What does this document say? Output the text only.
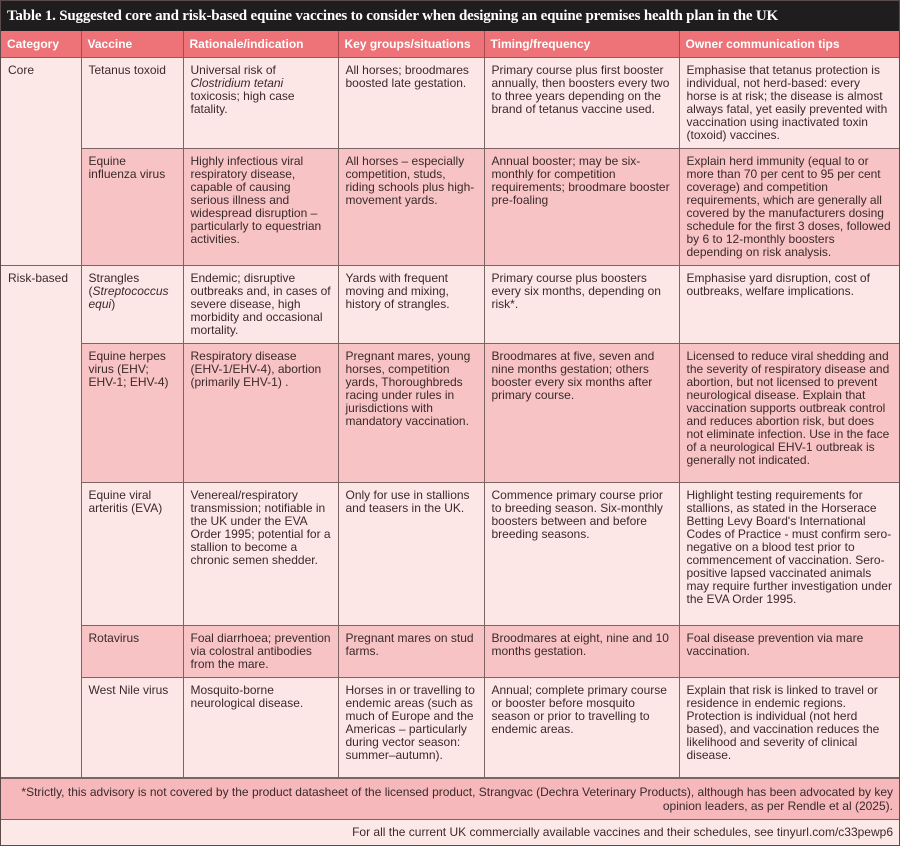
Table 1. Suggested core and risk-based equine vaccines to consider when designing an equine premises health plan in the UK
Category	Vaccine	Rationale/indication	Key groups/situations	Timing/frequency	Owner communication tips
Core	Tetanus toxoid	Universal risk of Clostridium tetani toxicosis; high case fatality.	All horses; broodmares boosted late gestation.	Primary course plus first booster annually, then boosters every two to three years depending on the brand of tetanus vaccine used.	Emphasise that tetanus protection is individual, not herd-based: every horse is at risk; the disease is almost always fatal, yet easily prevented with vaccination using inactivated toxin (toxoid) vaccines.
	Equine influenza virus	Highly infectious viral respiratory disease, capable of causing serious illness and widespread disruption – particularly to equestrian activities.	All horses – especially competition, studs, riding schools plus high-movement yards.	Annual booster; may be six-monthly for competition requirements; broodmare booster pre-foaling	Explain herd immunity (equal to or more than 70 per cent to 95 per cent coverage) and competition requirements, which are generally all covered by the manufacturers dosing schedule for the first 3 doses, followed by 6 to 12-monthly boosters depending on risk analysis.
Risk-based	Strangles (Streptococcus equi)	Endemic; disruptive outbreaks and, in cases of severe disease, high morbidity and occasional mortality.	Yards with frequent moving and mixing, history of strangles.	Primary course plus boosters every six months, depending on risk*.	Emphasise yard disruption, cost of outbreaks, welfare implications.
	Equine herpes virus (EHV; EHV-1; EHV-4)	Respiratory disease (EHV-1/EHV-4), abortion (primarily EHV-1) .	Pregnant mares, young horses, competition yards, Thoroughbreds racing under rules in jurisdictions with mandatory vaccination.	Broodmares at five, seven and nine months gestation; others booster every six months after primary course.	Licensed to reduce viral shedding and the severity of respiratory disease and abortion, but not licensed to prevent neurological disease. Explain that vaccination supports outbreak control and reduces abortion risk, but does not eliminate infection. Use in the face of a neurological EHV-1 outbreak is generally not indicated.
	Equine viral arteritis (EVA)	Venereal/respiratory transmission; notifiable in the UK under the EVA Order 1995; potential for a stallion to become a chronic semen shedder.	Only for use in stallions and teasers in the UK.	Commence primary course prior to breeding season. Six-monthly boosters between and before breeding seasons.	Highlight testing requirements for stallions, as stated in the Horserace Betting Levy Board's International Codes of Practice - must confirm sero-negative on a blood test prior to commencement of vaccination. Sero-positive lapsed vaccinated animals may require further investigation under the EVA Order 1995.
	Rotavirus	Foal diarrhoea; prevention via colostral antibodies from the mare.	Pregnant mares on stud farms.	Broodmares at eight, nine and 10 months gestation.	Foal disease prevention via mare vaccination.
	West Nile virus	Mosquito-borne neurological disease.	Horses in or travelling to endemic areas (such as much of Europe and the Americas – particularly during vector season: summer–autumn).	Annual; complete primary course or booster before mosquito season or prior to travelling to endemic areas.	Explain that risk is linked to travel or residence in endemic regions. Protection is individual (not herd based), and vaccination reduces the likelihood and severity of clinical disease.
*Strictly, this advisory is not covered by the product datasheet of the licensed product, Strangvac (Dechra Veterinary Products), although has been advocated by key opinion leaders, as per Rendle et al (2025).
For all the current UK commercially available vaccines and their schedules, see tinyurl.com/c33pewp6
